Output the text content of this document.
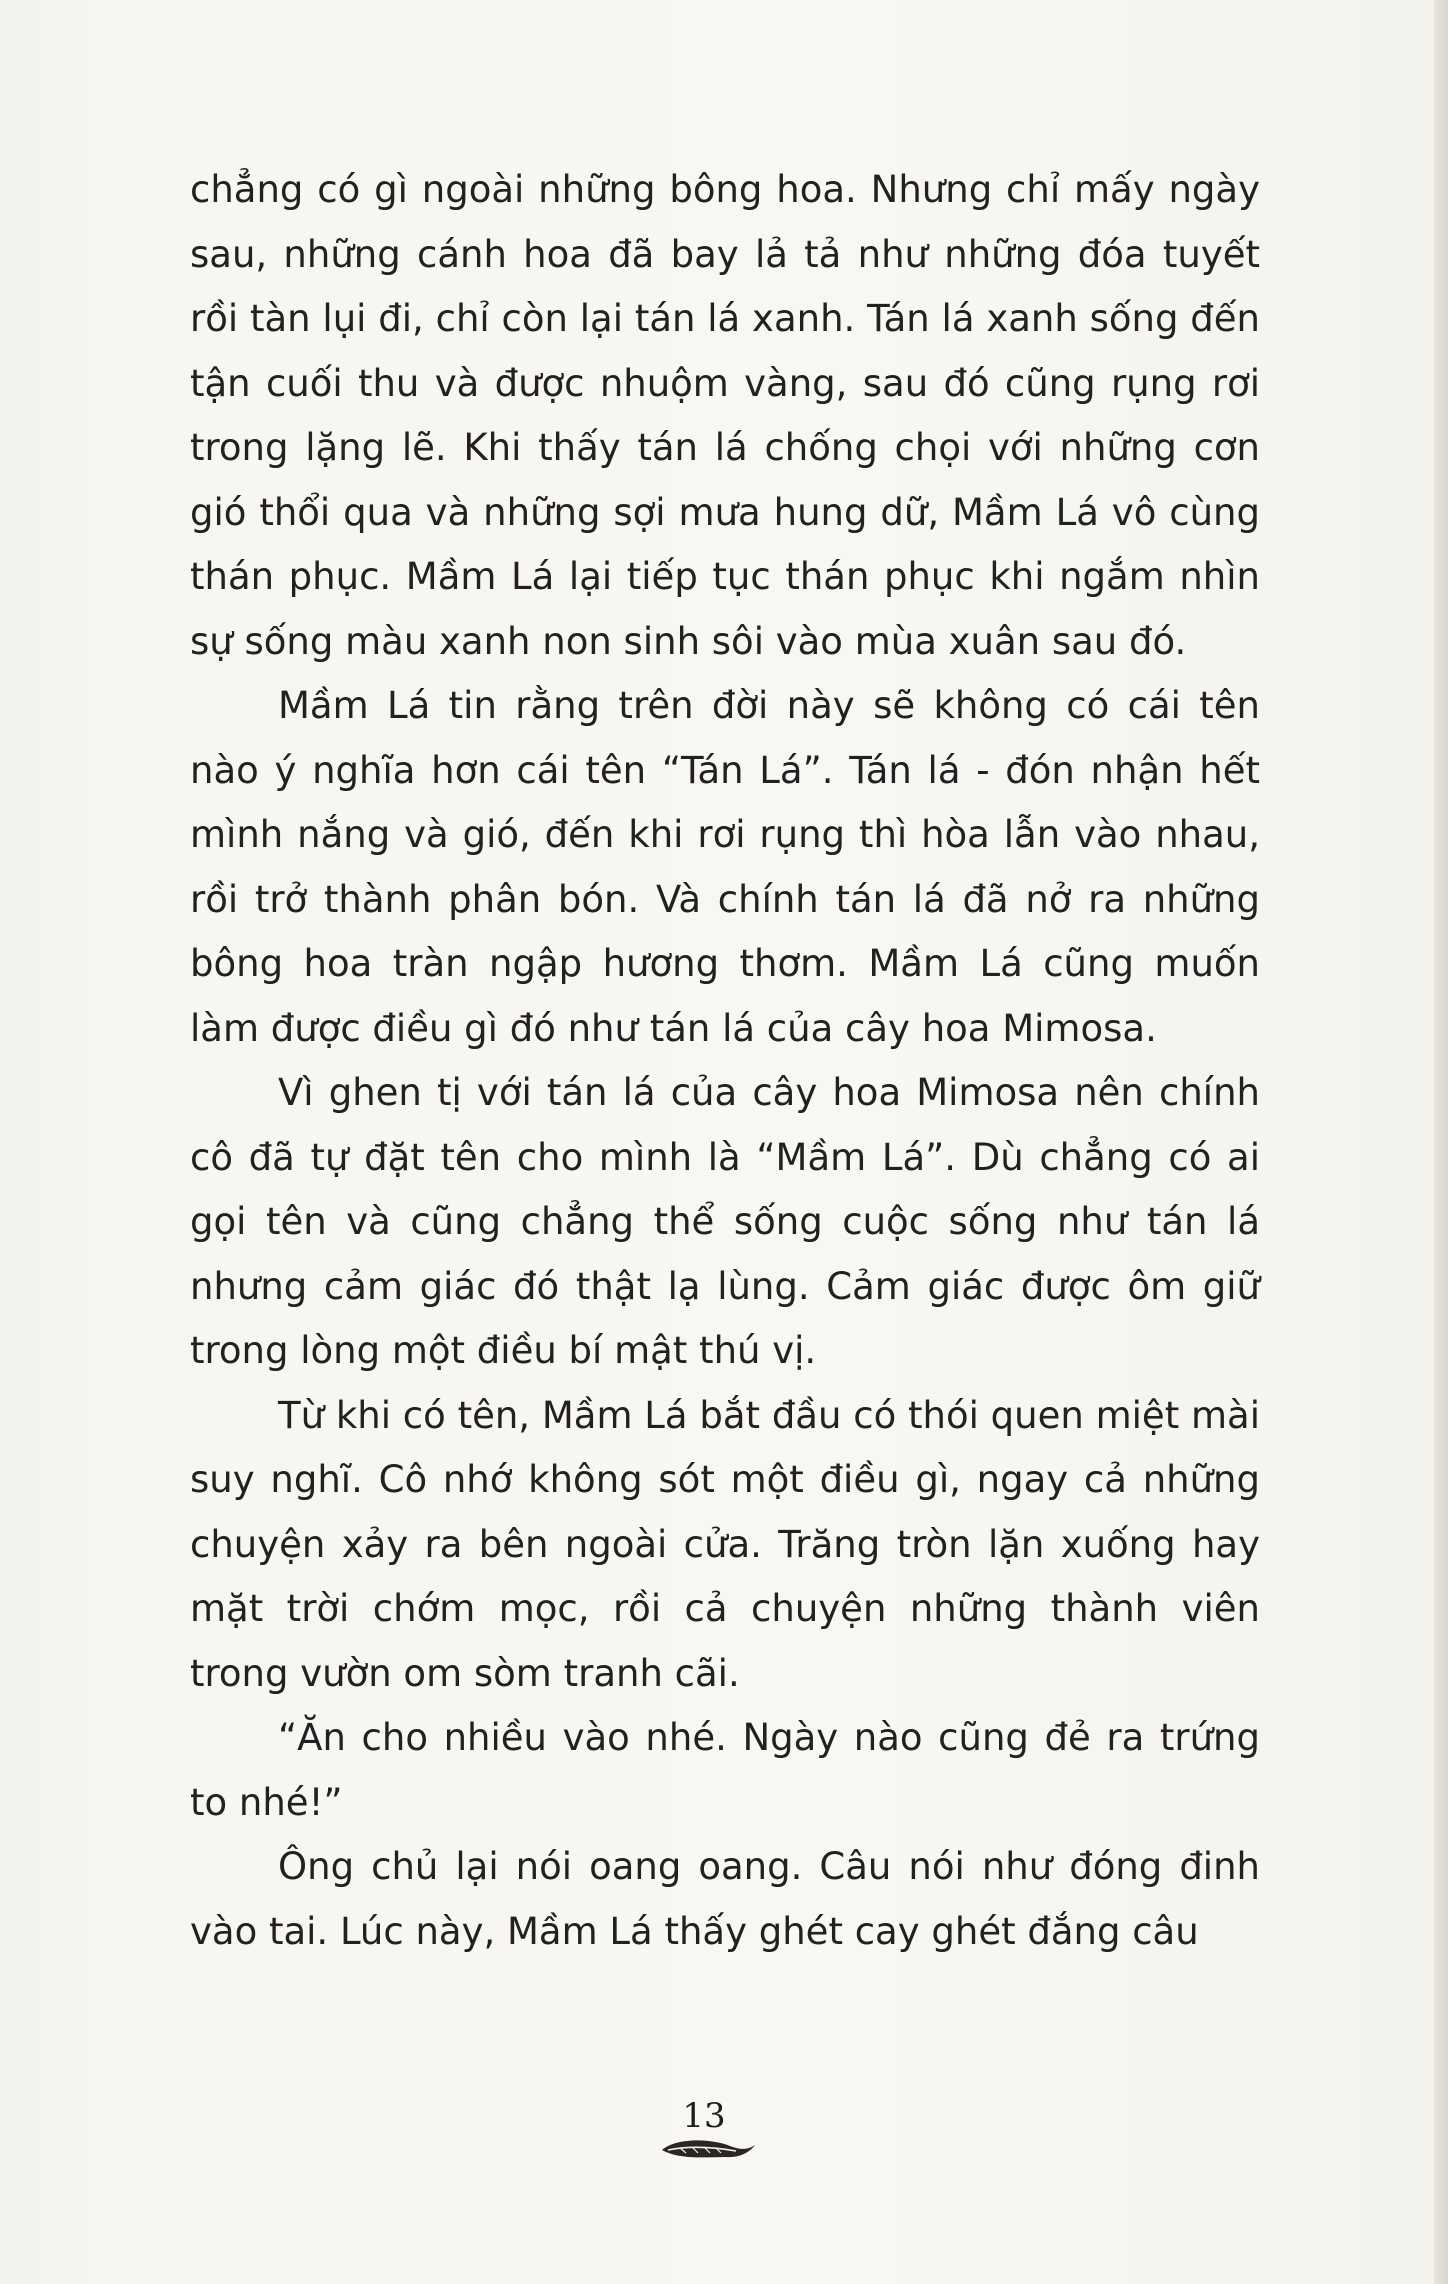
chẳng có gì ngoài những bông hoa. Nhưng chỉ mấy ngày sau, những cánh hoa đã bay lả tả như những đóa tuyết rồi tàn lụi đi, chỉ còn lại tán lá xanh. Tán lá xanh sống đến tận cuối thu và được nhuộm vàng, sau đó cũng rụng rơi trong lặng lẽ. Khi thấy tán lá chống chọi với những cơn gió thổi qua và những sợi mưa hung dữ, Mầm Lá vô cùng thán phục. Mầm Lá lại tiếp tục thán phục khi ngắm nhìn sự sống màu xanh non sinh sôi vào mùa xuân sau đó.

Mầm Lá tin rằng trên đời này sẽ không có cái tên nào ý nghĩa hơn cái tên “Tán Lá”. Tán lá - đón nhận hết mình nắng và gió, đến khi rơi rụng thì hòa lẫn vào nhau, rồi trở thành phân bón. Và chính tán lá đã nở ra những bông hoa tràn ngập hương thơm. Mầm Lá cũng muốn làm được điều gì đó như tán lá của cây hoa Mimosa.

Vì ghen tị với tán lá của cây hoa Mimosa nên chính cô đã tự đặt tên cho mình là “Mầm Lá”. Dù chẳng có ai gọi tên và cũng chẳng thể sống cuộc sống như tán lá nhưng cảm giác đó thật lạ lùng. Cảm giác được ôm giữ trong lòng một điều bí mật thú vị.

Từ khi có tên, Mầm Lá bắt đầu có thói quen miệt mài suy nghĩ. Cô nhớ không sót một điều gì, ngay cả những chuyện xảy ra bên ngoài cửa. Trăng tròn lặn xuống hay mặt trời chớm mọc, rồi cả chuyện những thành viên trong vườn om sòm tranh cãi.

“Ăn cho nhiều vào nhé. Ngày nào cũng đẻ ra trứng to nhé!”

Ông chủ lại nói oang oang. Câu nói như đóng đinh vào tai. Lúc này, Mầm Lá thấy ghét cay ghét đắng câu

13
